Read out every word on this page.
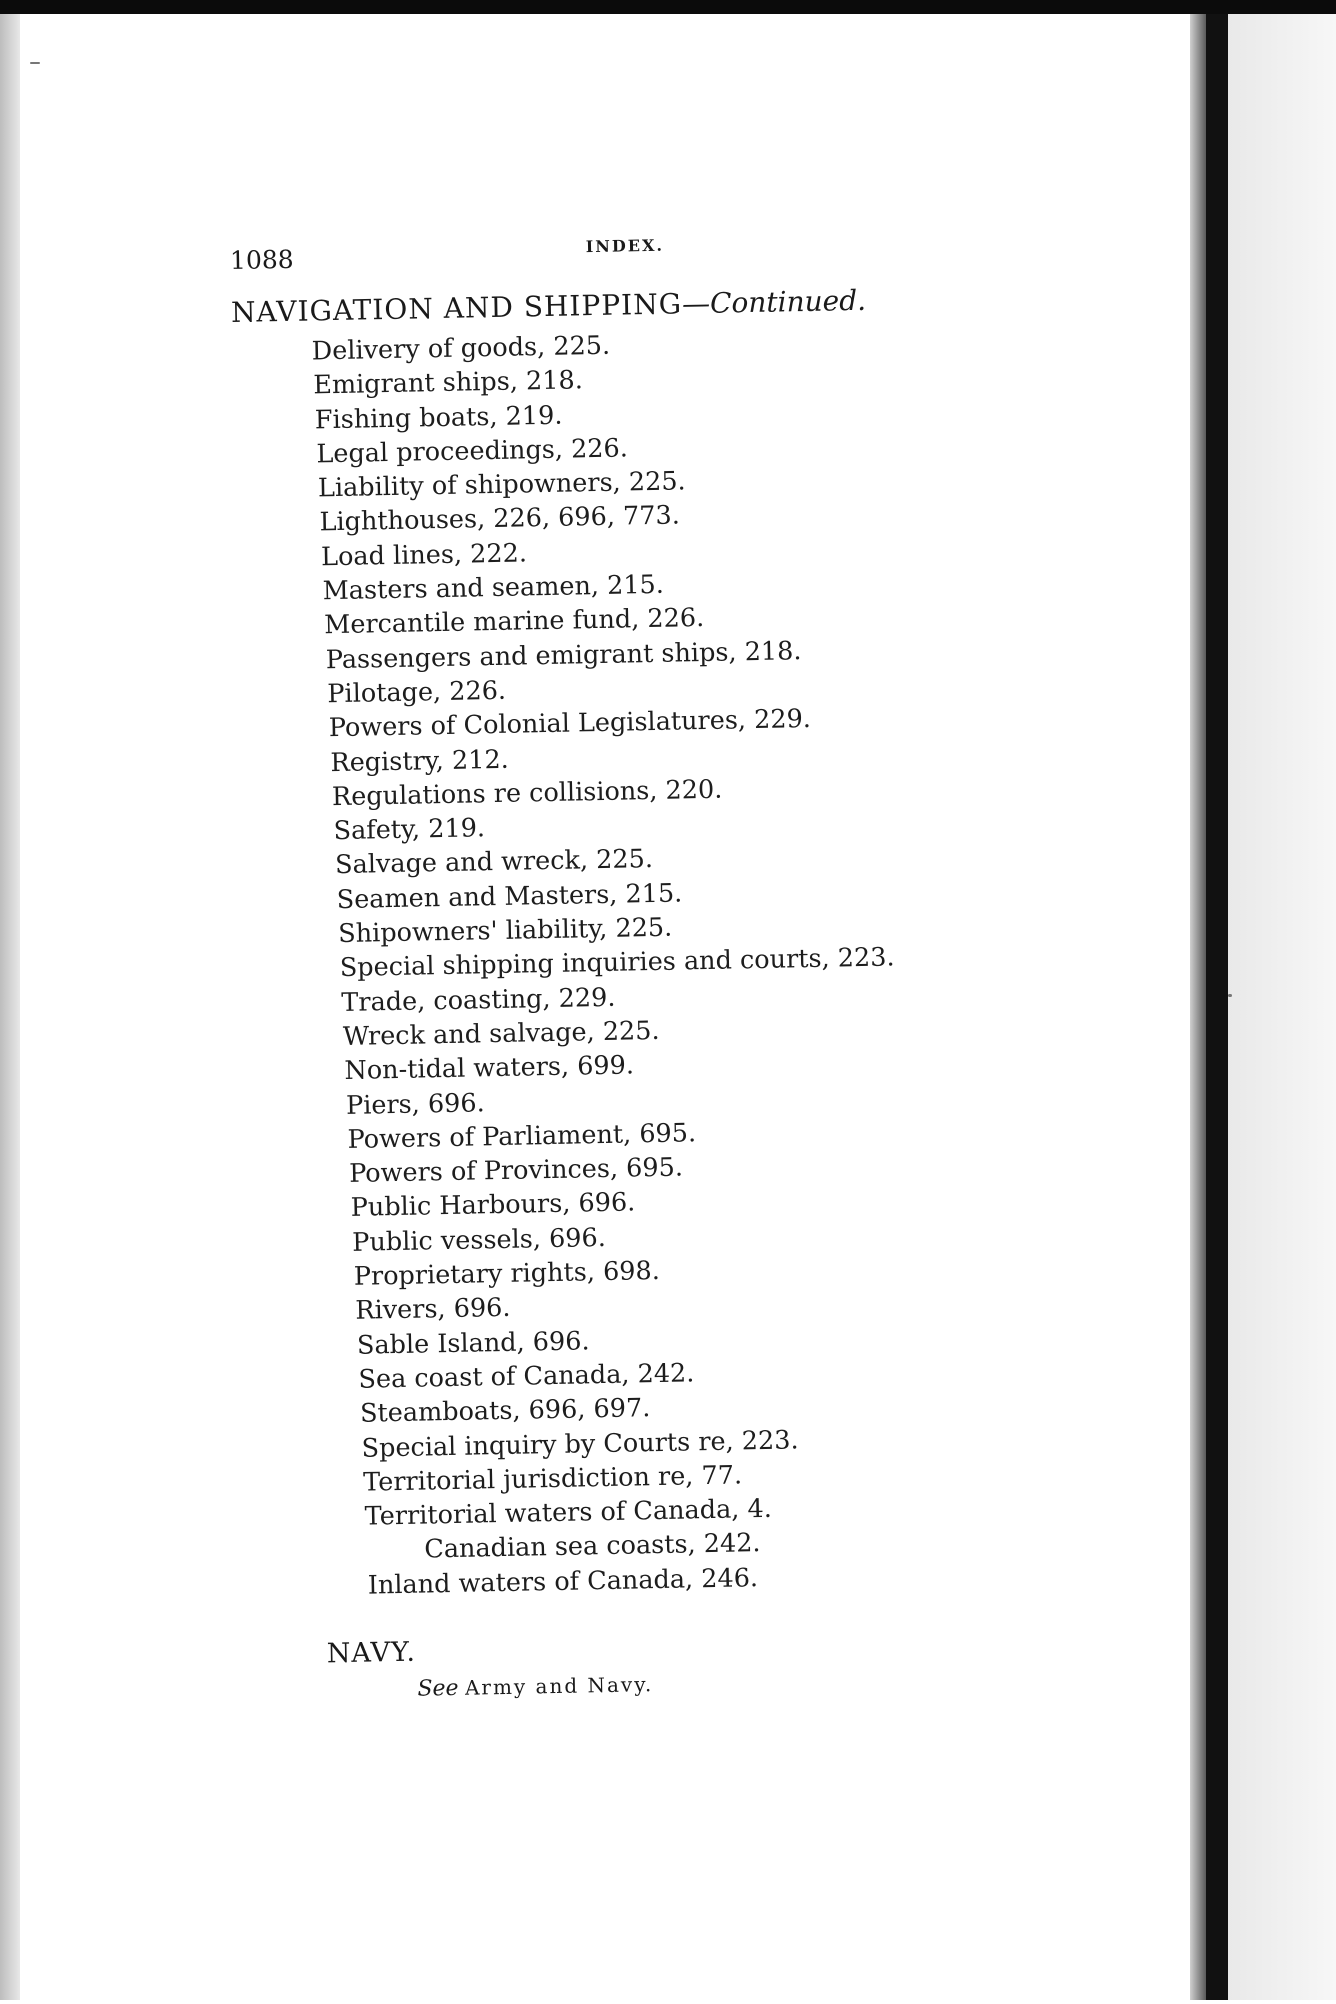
1088	INDEX.
NAVIGATION AND SHIPPING—Continued.
Delivery of goods, 225.
Emigrant ships, 218.
Fishing boats, 219.
Legal proceedings, 226.
Liability of shipowners, 225.
Lighthouses, 226, 696, 773.
Load lines, 222.
Masters and seamen, 215.
Mercantile marine fund, 226.
Passengers and emigrant ships, 218.
Pilotage, 226.
Powers of Colonial Legislatures, 229.
Registry, 212.
Regulations re collisions, 220.
Safety, 219.
Salvage and wreck, 225.
Seamen and Masters, 215.
Shipowners' liability, 225.
Special shipping inquiries and courts, 223.
Trade, coasting, 229.
Wreck and salvage, 225.
Non-tidal waters, 699.
Piers, 696.
Powers of Parliament, 695.
Powers of Provinces, 695.
Public Harbours, 696.
Public vessels, 696.
Proprietary rights, 698.
Rivers, 696.
Sable Island, 696.
Sea coast of Canada, 242.
Steamboats, 696, 697.
Special inquiry by Courts re, 223.
Territorial jurisdiction re, 77.
Territorial waters of Canada, 4.
Canadian sea coasts, 242.
Inland waters of Canada, 246.
NAVY.
See Army and Navy.
